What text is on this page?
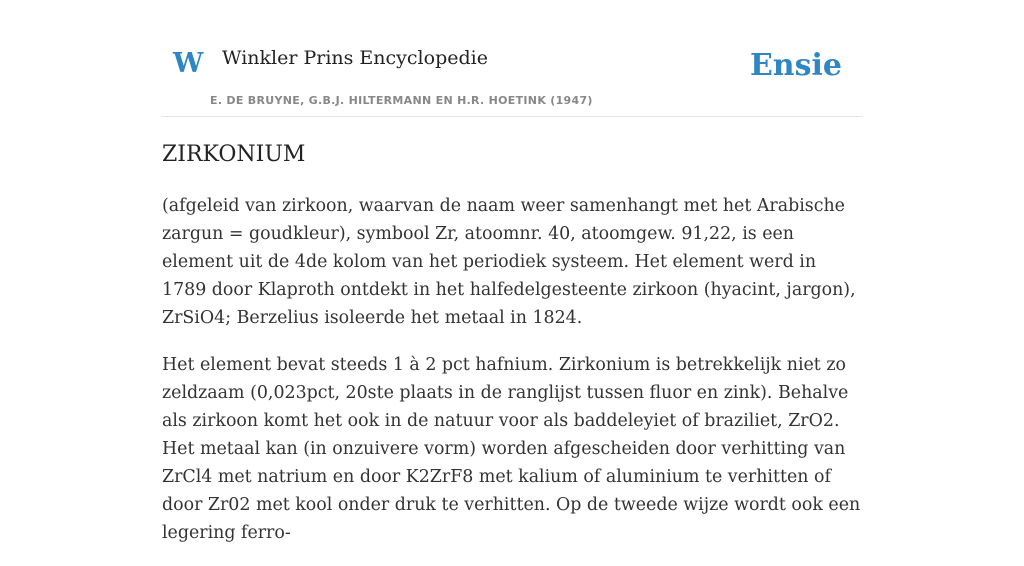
W Winkler Prins Encyclopedie
E. DE BRUYNE, G.B.J. HILTERMANN EN H.R. HOETINK (1947)
Ensie
ZIRKONIUM

(afgeleid van zirkoon, waarvan de naam weer samenhangt met het Arabische zargun = goudkleur), symbool Zr, atoomnr. 40, atoomgew. 91,22, is een element uit de 4de kolom van het periodiek systeem. Het element werd in 1789 door Klaproth ontdekt in het halfedelgesteente zirkoon (hyacint, jargon), ZrSiO4; Berzelius isoleerde het metaal in 1824.

Het element bevat steeds 1 à 2 pct hafnium. Zirkonium is betrekkelijk niet zo zeldzaam (0,023pct, 20ste plaats in de ranglijst tussen fluor en zink). Behalve als zirkoon komt het ook in de natuur voor als baddeleyiet of braziliet, ZrO2. Het metaal kan (in onzuivere vorm) worden afgescheiden door verhitting van ZrCl4 met natrium en door K2ZrF8 met kalium of aluminium te verhitten of door Zr02 met kool onder druk te verhitten. Op de tweede wijze wordt ook een legering ferro-
